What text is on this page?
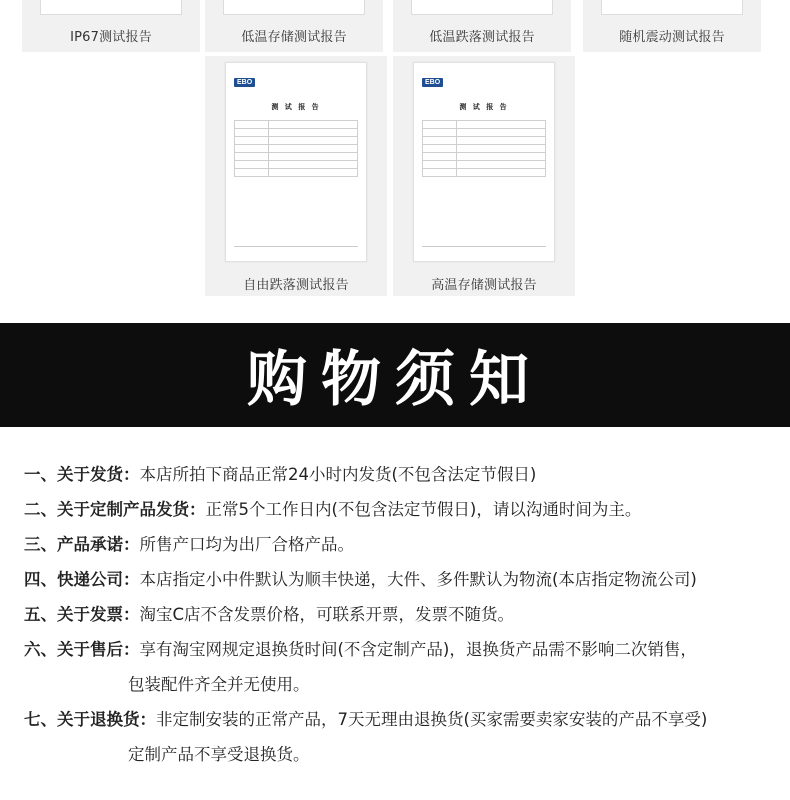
IP67测试报告	低温存储测试报告	低温跌落测试报告	随机震动测试报告
EBO
测 试 报 告

自由跌落测试报告
EBO
测 试 报 告

高温存储测试报告
购物须知
一、关于发货：本店所拍下商品正常24小时内发货(不包含法定节假日)
二、关于定制产品发货：正常5个工作日内(不包含法定节假日)，请以沟通时间为主。
三、产品承诺：所售产口均为出厂合格产品。
四、快递公司：本店指定小中件默认为顺丰快递，大件、多件默认为物流(本店指定物流公司)
五、关于发票：淘宝C店不含发票价格，可联系开票，发票不随货。
六、关于售后：享有淘宝网规定退换货时间(不含定制产品)，退换货产品需不影响二次销售，
包装配件齐全并无使用。
七、关于退换货：非定制安装的正常产品，7天无理由退换货(买家需要卖家安装的产品不享受)
定制产品不享受退换货。
